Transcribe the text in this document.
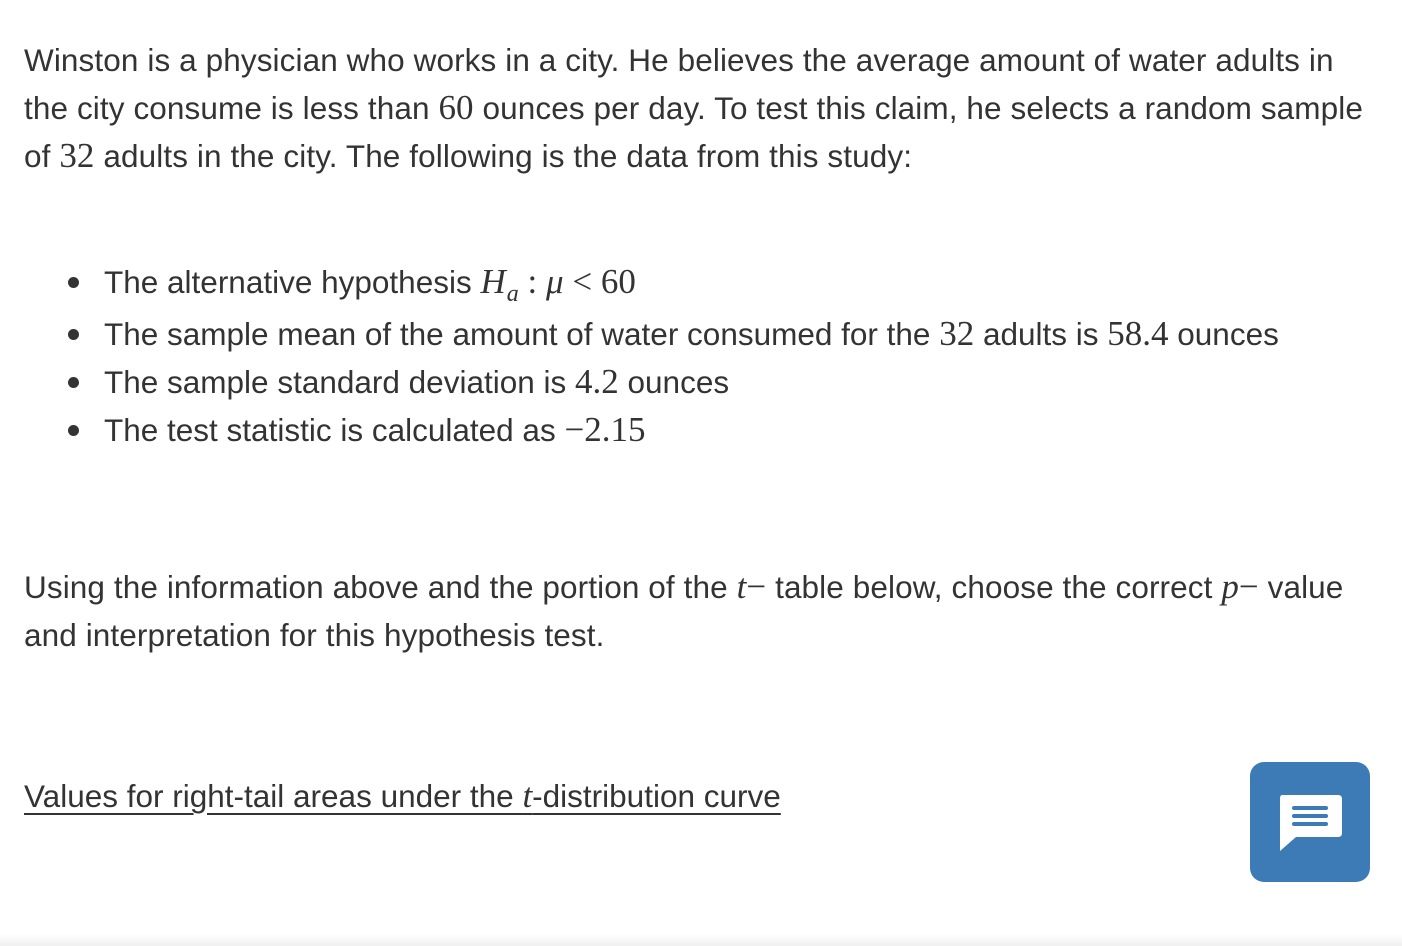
Winston is a physician who works in a city. He believes the average amount of water adults in the city consume is less than 60 ounces per day. To test this claim, he selects a random sample of 32 adults in the city. The following is the data from this study:

The alternative hypothesis $H_a$ : μ < 60
The sample mean of the amount of water consumed for the 32 adults is 58.4 ounces
The sample standard deviation is 4.2 ounces
The test statistic is calculated as −2.15

Using the information above and the portion of the t− table below, choose the correct p− value and interpretation for this hypothesis test.

Values for right-tail areas under the t-distribution curve
